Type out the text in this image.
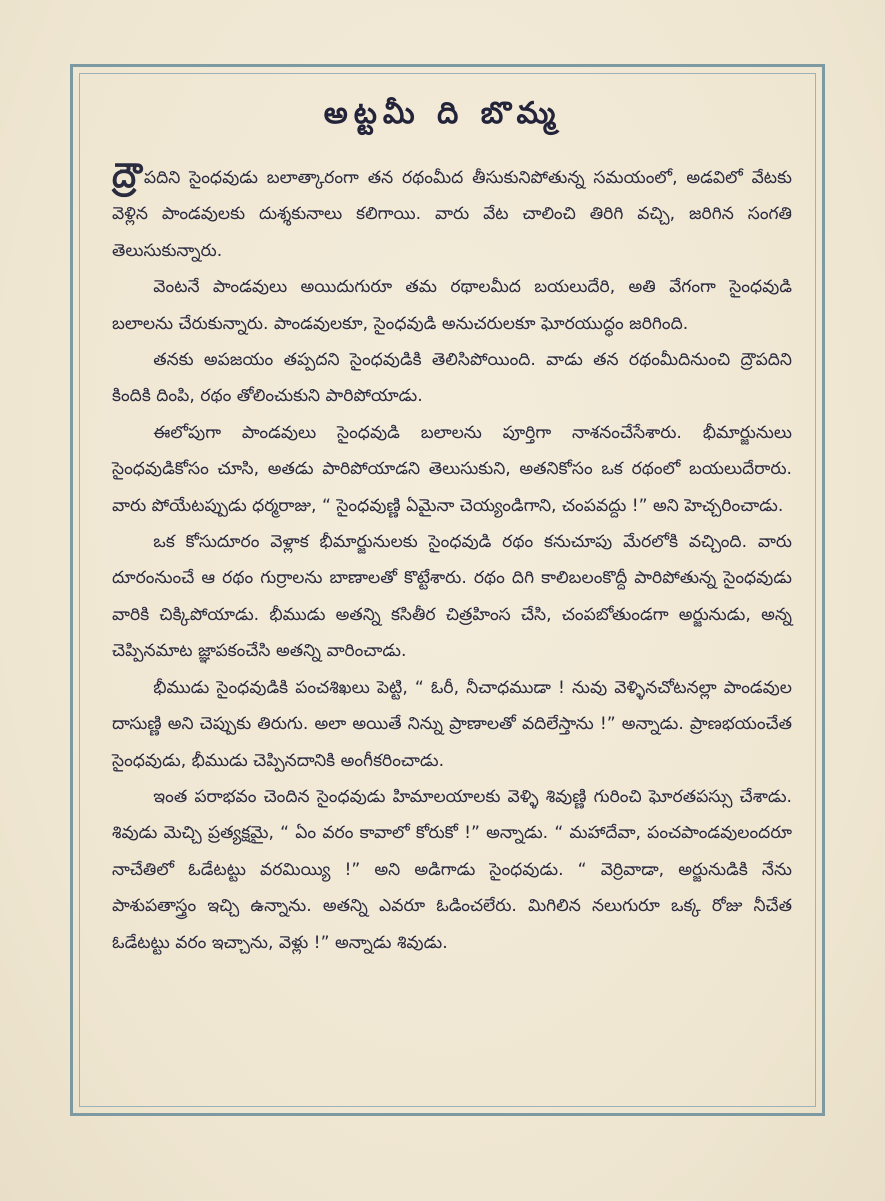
అట్టమీ ది బొమ్మ

ద్రౌ పదిని సైంధవుడు బలాత్కారంగా తన రథంమీద తీసుకునిపోతున్న సమయంలో, అడవిలో వేటకు వెళ్లిన పాండవులకు దుశ్శకునాలు కలిగాయి. వారు వేట చాలించి తిరిగి వచ్చి, జరిగిన సంగతి తెలుసుకున్నారు.

వెంటనే పాండవులు అయిదుగురూ తమ రథాలమీద బయలుదేరి, అతి వేగంగా సైంధవుడి బలాలను చేరుకున్నారు. పాండవులకూ, సైంధవుడి అనుచరులకూ ఘోరయుద్ధం జరిగింది.

తనకు అపజయం తప్పదని సైంధవుడికి తెలిసిపోయింది. వాడు తన రథంమీదినుంచి ద్రౌపదిని కిందికి దింపి, రథం తోలించుకుని పారిపోయాడు.

ఈలోపుగా పాండవులు సైంధవుడి బలాలను పూర్తిగా నాశనంచేసేశారు. భీమార్జునులు సైంధవుడికోసం చూసి, అతడు పారిపోయాడని తెలుసుకుని, అతనికోసం ఒక రథంలో బయలుదేరారు. వారు పోయేటప్పుడు ధర్మరాజు, “ సైంధవుణ్ణి ఏమైనా చెయ్యండిగాని, చంపవద్దు !” అని హెచ్చరించాడు.

ఒక కోసుదూరం వెళ్లాక భీమార్జునులకు సైంధవుడి రథం కనుచూపు మేరలోకి వచ్చింది. వారు దూరంనుంచే ఆ రథం గుర్రాలను బాణాలతో కొట్టేశారు. రథం దిగి కాలిబలంకొద్దీ పారిపోతున్న సైంధవుడు వారికి చిక్కిపోయాడు. భీముడు అతన్ని కసితీర చిత్రహింస చేసి, చంపబోతుండగా అర్జునుడు, అన్న చెప్పినమాట జ్ఞాపకంచేసి అతన్ని వారించాడు.

భీముడు సైంధవుడికి పంచశిఖలు పెట్టి, “ ఓరీ, నీచాధముడా ! నువు వెళ్ళినచోటనల్లా పాండవుల దాసుణ్ణి అని చెప్పుకు తిరుగు. అలా అయితే నిన్ను ప్రాణాలతో వదిలేస్తాను !” అన్నాడు. ప్రాణభయంచేత సైంధవుడు, భీముడు చెప్పినదానికి అంగీకరించాడు.

ఇంత పరాభవం చెందిన సైంధవుడు హిమాలయాలకు వెళ్ళి శివుణ్ణి గురించి ఘోరతపస్సు చేశాడు. శివుడు మెచ్చి ప్రత్యక్షమై, “ ఏం వరం కావాలో కోరుకో !” అన్నాడు. “ మహాదేవా, పంచపాండవులందరూ నాచేతిలో ఓడేటట్టు వరమియ్యి !” అని అడిగాడు సైంధవుడు. “ వెర్రివాడా, అర్జునుడికి నేను పాశుపతాస్త్రం ఇచ్చి ఉన్నాను. అతన్ని ఎవరూ ఓడించలేరు. మిగిలిన నలుగురూ ఒక్క రోజు నీచేత ఓడేటట్టు వరం ఇచ్చాను, వెళ్లు !” అన్నాడు శివుడు.
